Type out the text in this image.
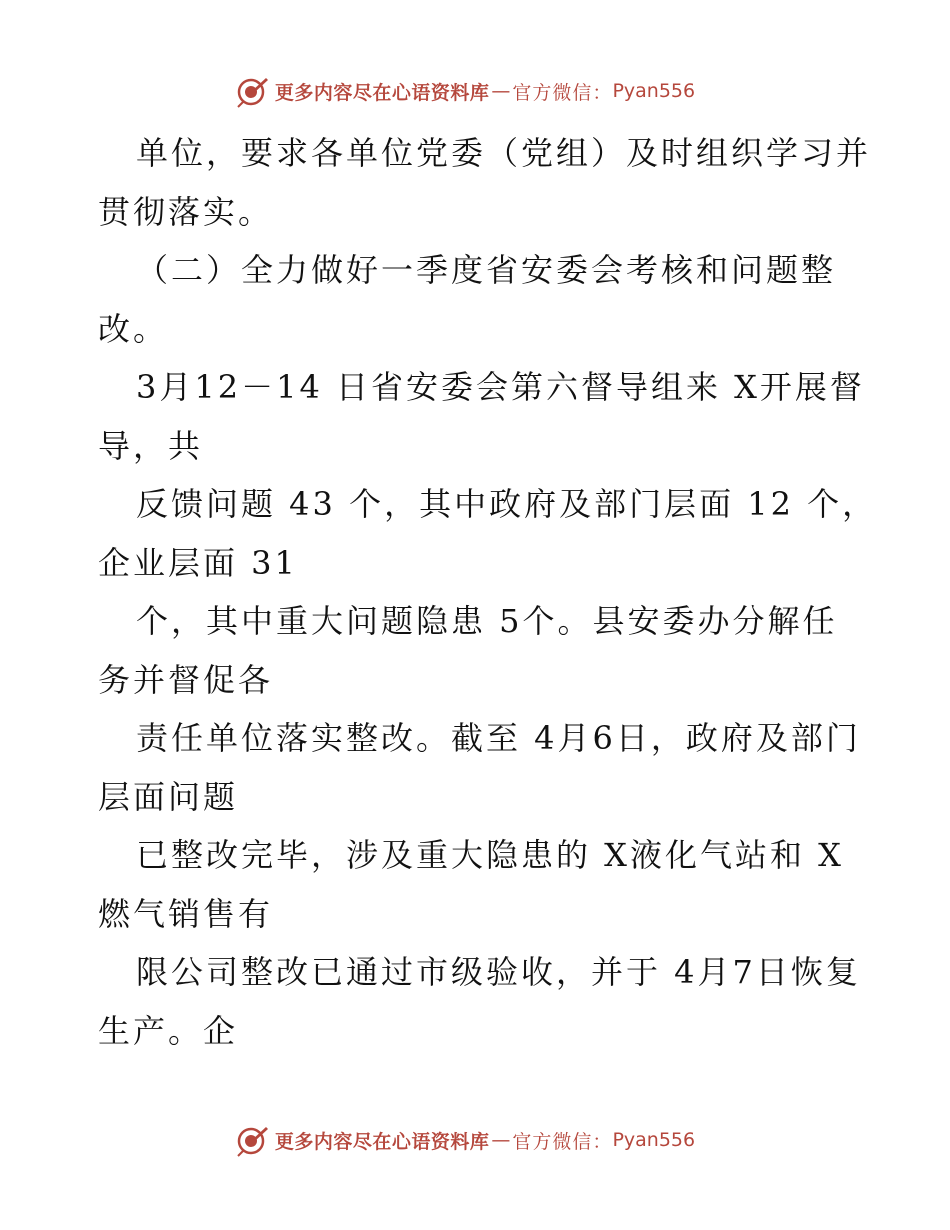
更多内容尽在心语资料库 — 官方微信： Pyan556
单位，要求各单位党委（党组）及时组织学习并
贯彻落实。
（二）全力做好一季度省安委会考核和问题整
改。
3月12－14 日省安委会第六督导组来 X开展督
导，共
反馈问题 43 个，其中政府及部门层面 12 个，
企业层面 31
个，其中重大问题隐患 5个。县安委办分解任
务并督促各
责任单位落实整改。截至 4月6日，政府及部门
层面问题
已整改完毕，涉及重大隐患的 X液化气站和 X
燃气销售有
限公司整改已通过市级验收，并于 4月7日恢复
生产。企
更多内容尽在心语资料库 — 官方微信： Pyan556
